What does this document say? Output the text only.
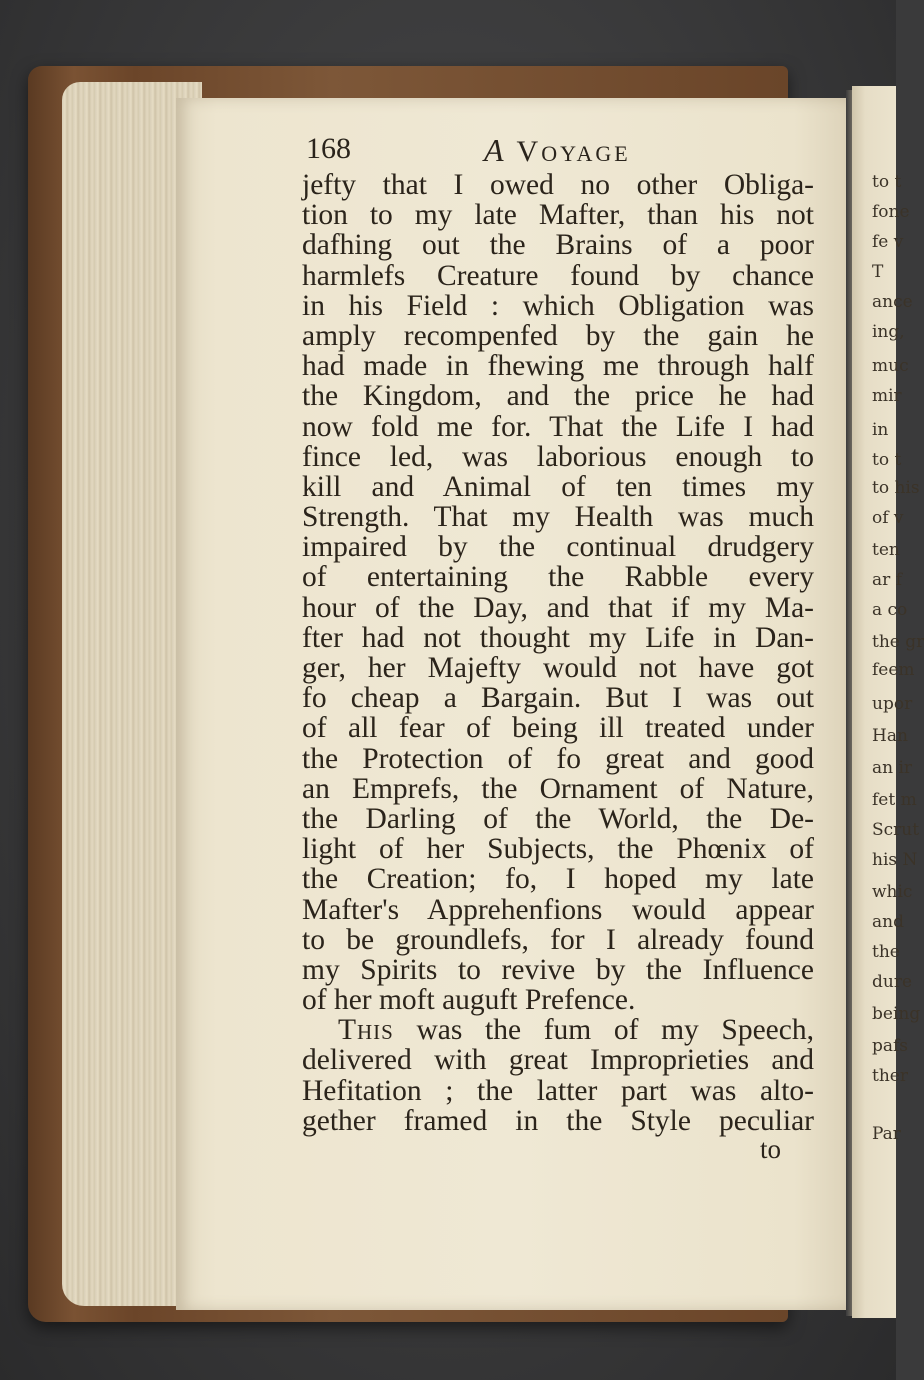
to t
fone
fe v
T
ance
ing,
muc
mir
in
to t
to his
of v
ten
ar f
a co
the gr
feem
upor
Han
an ir
fet m
Scrut
his N
whic
and
the
dure
being
pafs
ther
Par
168	A VOYAGE
jefty that I owed no other Obliga-
tion to my late Mafter, than his not
dafhing out the Brains of a poor
harmlefs Creature found by chance
in his Field : which Obligation was
amply recompenfed by the gain he
had made in fhewing me through half
the Kingdom, and the price he had
now fold me for. That the Life I had
fince led, was laborious enough to
kill and Animal of ten times my
Strength. That my Health was much
impaired by the continual drudgery
of entertaining the Rabble every
hour of the Day, and that if my Ma-
fter had not thought my Life in Dan-
ger, her Majefty would not have got
fo cheap a Bargain. But I was out
of all fear of being ill treated under
the Protection of fo great and good
an Emprefs, the Ornament of Nature,
the Darling of the World, the De-
light of her Subjects, the Phœnix of
the Creation; fo, I hoped my late
Mafter's Apprehenfions would appear
to be groundlefs, for I already found
my Spirits to revive by the Influence
of her moft auguft Prefence.
This was the fum of my Speech,
delivered with great Improprieties and
Hefitation ; the latter part was alto-
gether framed in the Style peculiar
to
